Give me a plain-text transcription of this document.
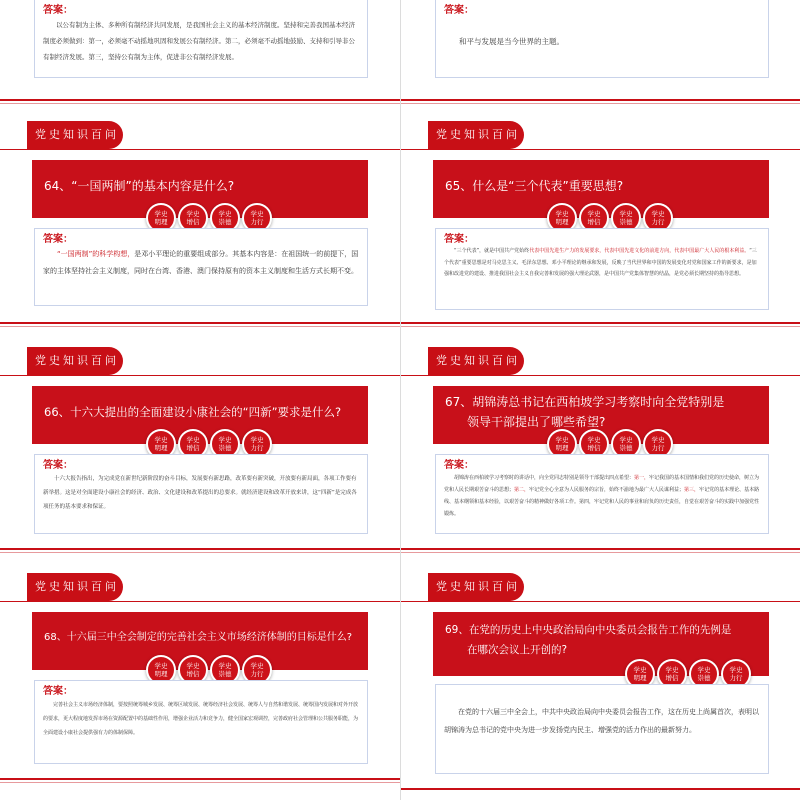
答案：

以公有制为主体、多种所有制经济共同发展，是我国社会主义的基本经济制度。坚持和完善我国基本经济制度必须做到：第一，必须毫不动摇地巩固和发展公有制经济。第二，必须毫不动摇地鼓励、支持和引导非公有制经济发展。第三，坚持公有制为主体，促进非公有制经济发展。

答案：

和平与发展是当今世界的主题。

党史知识百问
64、“一国两制”的基本内容是什么?
学史
明理
学史
增信
学史
崇德
学史
力行
答案：

“一国两制”的科学构想，是邓小平理论的重要组成部分。其基本内容是：在祖国统一的前提下，国家的主体坚持社会主义制度，同时在台湾、香港、澳门保持原有的资本主义制度和生活方式长期不变。

党史知识百问
65、什么是“三个代表”重要思想?
学史
明理
学史
增信
学史
崇德
学史
力行
答案：

“三个代表”，就是中国共产党始终代表中国先进生产力的发展要求，代表中国先进文化的前进方向，代表中国最广大人民的根本利益。“三个代表”重要思想是对马克思主义、毛泽东思想、邓小平理论的继承和发展，反映了当代世界和中国的发展变化对党和国家工作的新要求，是加强和改进党的建设、推进我国社会主义自我完善和发展的强大理论武器，是中国共产党集体智慧的结晶，是党必须长期坚持的指导思想。

党史知识百问
66、十六大提出的全面建设小康社会的“四新”要求是什么?
学史
明理
学史
增信
学史
崇德
学史
力行
答案：

十六大报告指出，为完成党在新世纪新阶段的奋斗目标，发展要有新思路，改革要有新突破，开放要有新局面，各项工作要有新举措。这是对全面建设小康社会的经济、政治、文化建设和改革提出的总要求。就经济建设和改革开放来讲，这“四新”是完成各项任务的基本要求和保证。

党史知识百问
67、胡锦涛总书记在西柏坡学习考察时向全党特别是
领导干部提出了哪些希望?
学史
明理
学史
增信
学史
崇德
学史
力行
答案：

胡锦涛在西柏坡学习考察时的讲话中，向全党同志特别是领导干部提出四点希望：第一，牢记我国的基本国情和我们党的历史使命，树立为党和人民长期艰苦奋斗的思想；第二，牢记党全心全意为人民服务的宗旨，始终不渝地为最广大人民谋利益；第三，牢记党的基本理论、基本路线、基本纲领和基本经验，以艰苦奋斗的精神做好各项工作。第四，牢记党和人民的事业和肩负的历史责任，自觉在艰苦奋斗的实践中加强党性锻炼。

党史知识百问
68、十六届三中全会制定的完善社会主义市场经济体制的目标是什么?
学史
明理
学史
增信
学史
崇德
学史
力行
答案：

完善社会主义市场经济体制，要按照统筹城乡发展、统筹区域发展、统筹经济社会发展、统筹人与自然和谐发展、统筹国内发展和对外开放的要求，更大程度地发挥市场在资源配置中的基础性作用，增强企业活力和竞争力，健全国家宏观调控，完善政府社会管理和公共服务职能，为全面建设小康社会提供强有力的体制保障。

党史知识百问
69、在党的历史上中央政治局向中央委员会报告工作的先例是
在哪次会议上开创的?
学史
明理
学史
增信
学史
崇德
学史
力行

在党的十六届三中全会上，中共中央政治局向中央委员会报告工作，这在历史上尚属首次，表明以胡锦涛为总书记的党中央为进一步发扬党内民主、增强党的活力作出的最新努力。
